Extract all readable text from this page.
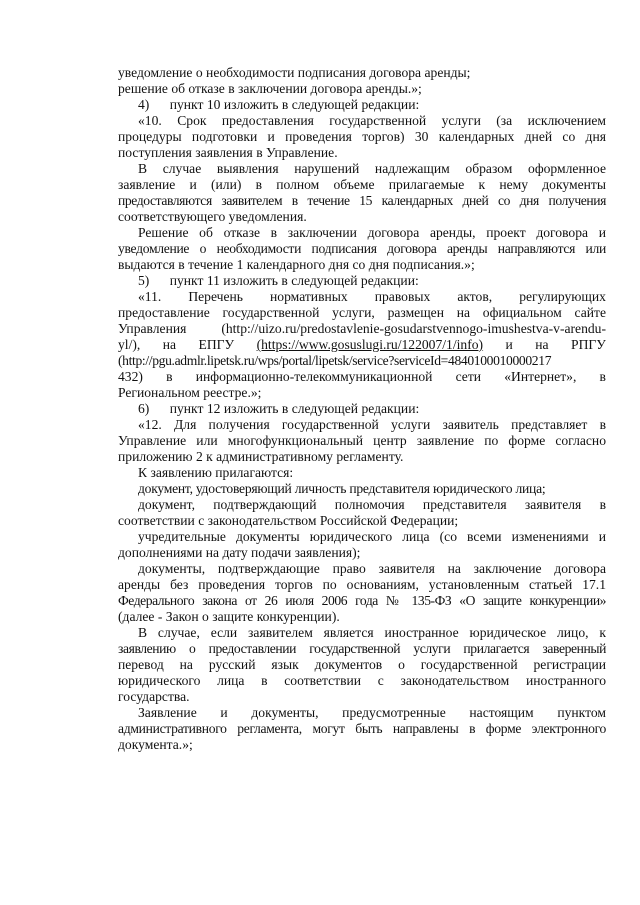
уведомление о необходимости подписания договора аренды;
решение об отказе в заключении договора аренды.»;
4)      пункт 10 изложить в следующей редакции:
«10. Срок предоставления государственной услуги (за исключением
процедуры подготовки и проведения торгов) 30 календарных дней со дня
поступления заявления в Управление.
В случае выявления нарушений надлежащим образом оформленное
заявление и (или) в полном объеме прилагаемые к нему документы
предоставляются заявителем в течение 15 календарных дней со дня получения
соответствующего уведомления.
Решение об отказе в заключении договора аренды, проект договора и
уведомление о необходимости подписания договора аренды направляются или
выдаются в течение 1 календарного дня со дня подписания.»;
5)      пункт 11 изложить в следующей редакции:
«11. Перечень нормативных правовых актов, регулирующих
предоставление государственной услуги, размещен на официальном сайте
Управления	(http://uizo.ru/predostavlenie-gosudarstvennogo-imushestva-v-arendu-
yl/), на ЕПГУ (https://www.gosuslugi.ru/122007/1/info) и на РПГУ
(http://pgu.admlr.lipetsk.ru/wps/portal/lipetsk/service?serviceId=4840100010000217
432) в информационно-телекоммуникационной сети «Интернет», в
Региональном реестре.»;
6)      пункт 12 изложить в следующей редакции:
«12. Для получения государственной услуги заявитель представляет в
Управление или многофункциональный центр заявление по форме согласно
приложению 2 к административному регламенту.
К заявлению прилагаются:
документ, удостоверяющий личность представителя юридического лица;
документ, подтверждающий полномочия представителя заявителя в
соответствии с законодательством Российской Федерации;
учредительные документы юридического лица (со всеми изменениями и
дополнениями на дату подачи заявления);
документы, подтверждающие право заявителя на заключение договора
аренды без проведения торгов по основаниям, установленным статьей 17.1
Федерального закона от 26 июля 2006 года № 135-ФЗ «О защите конкуренции»
(далее - Закон о защите конкуренции).
В случае, если заявителем является иностранное юридическое лицо, к
заявлению о предоставлении государственной услуги прилагается заверенный
перевод на русский язык документов о государственной регистрации
юридического лица в соответствии с законодательством иностранного
государства.
Заявление и документы, предусмотренные настоящим пунктом
административного регламента, могут быть направлены в форме электронного
документа.»;
